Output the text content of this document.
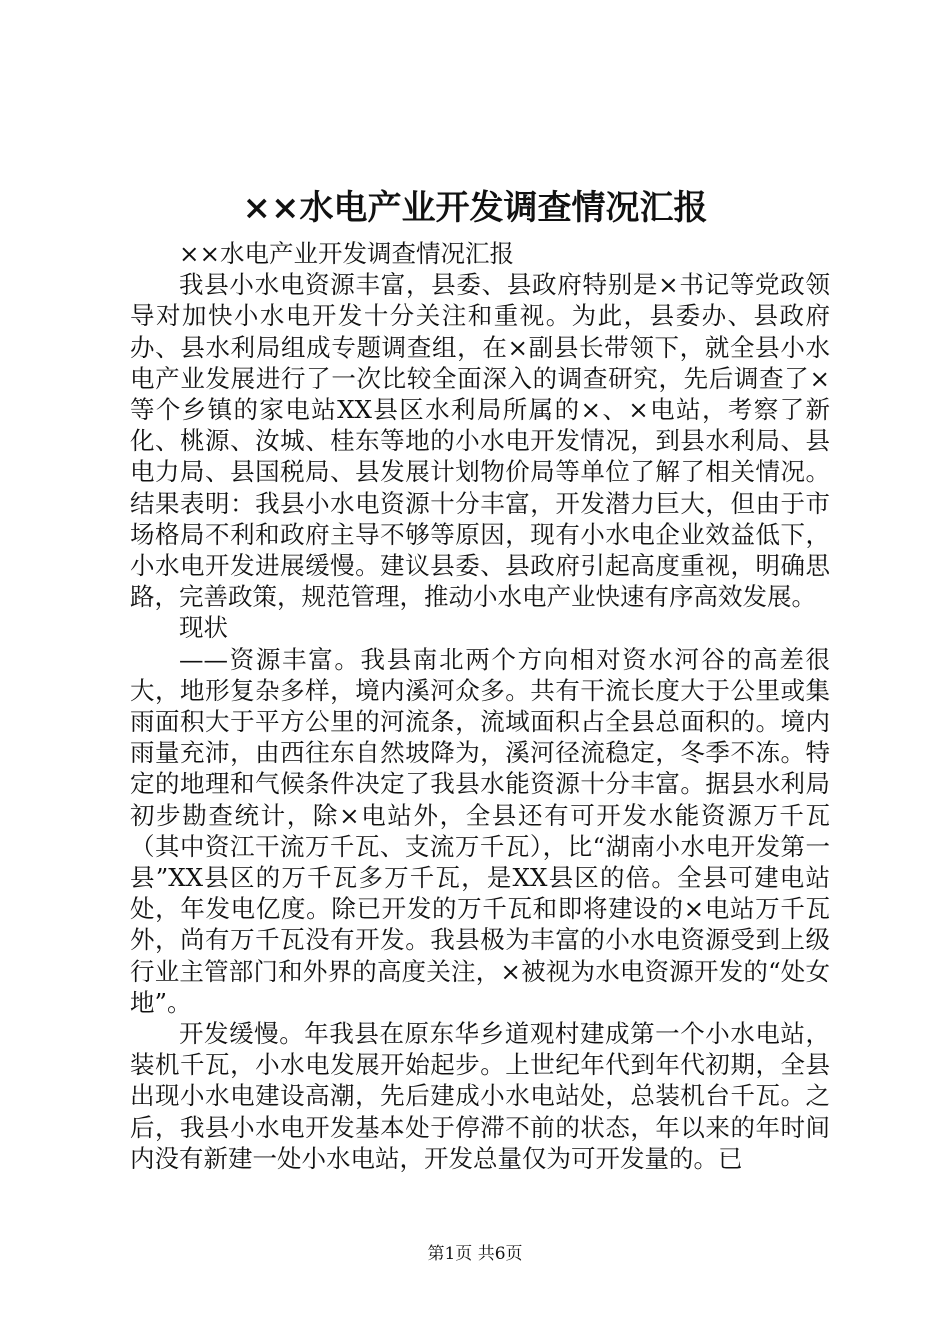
××水电产业开发调查情况汇报

××水电产业开发调查情况汇报

我县小水电资源丰富，县委、县政府特别是×书记等党政领导对加快小水电开发十分关注和重视。为此，县委办、县政府办、县水利局组成专题调查组，在×副县长带领下，就全县小水电产业发展进行了一次比较全面深入的调查研究，先后调查了×等个乡镇的家电站XX县区水利局所属的×、×电站，考察了新化、桃源、汝城、桂东等地的小水电开发情况，到县水利局、县电力局、县国税局、县发展计划物价局等单位了解了相关情况。结果表明：我县小水电资源十分丰富，开发潜力巨大，但由于市场格局不利和政府主导不够等原因，现有小水电企业效益低下，小水电开发进展缓慢。建议县委、县政府引起高度重视，明确思路，完善政策，规范管理，推动小水电产业快速有序高效发展。

现状

——资源丰富。我县南北两个方向相对资水河谷的高差很大，地形复杂多样，境内溪河众多。共有干流长度大于公里或集雨面积大于平方公里的河流条，流域面积占全县总面积的。境内雨量充沛，由西往东自然坡降为，溪河径流稳定，冬季不冻。特定的地理和气候条件决定了我县水能资源十分丰富。据县水利局初步勘查统计，除×电站外，全县还有可开发水能资源万千瓦（其中资江干流万千瓦、支流万千瓦），比“湖南小水电开发第一县”XX县区的万千瓦多万千瓦，是XX县区的倍。全县可建电站处，年发电亿度。除已开发的万千瓦和即将建设的×电站万千瓦外，尚有万千瓦没有开发。我县极为丰富的小水电资源受到上级行业主管部门和外界的高度关注，×被视为水电资源开发的“处女地”。

开发缓慢。年我县在原东华乡道观村建成第一个小水电站，装机千瓦，小水电发展开始起步。上世纪年代到年代初期，全县出现小水电建设高潮，先后建成小水电站处，总装机台千瓦。之后，我县小水电开发基本处于停滞不前的状态，年以来的年时间内没有新建一处小水电站，开发总量仅为可开发量的。已

第1页 共6页
